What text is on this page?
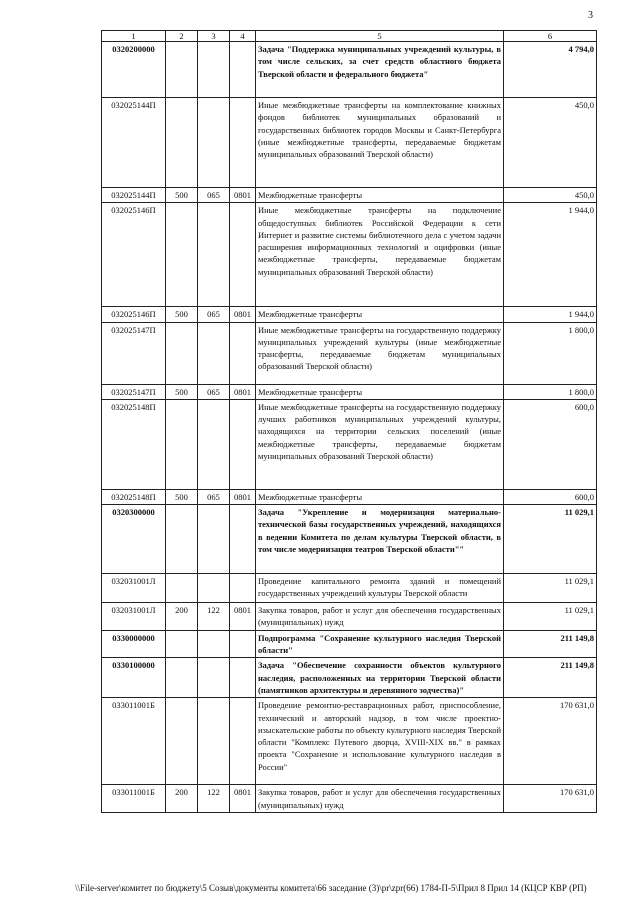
3
1	2	3	4	5	6
0320200000				Задача "Поддержка муниципальных учреждений культуры, в том числе сельских, за счет средств областного бюджета Тверской области и федерального бюджета"	4 794,0
032025144П				Иные межбюджетные трансферты на комплектование книжных фондов библиотек муниципальных образований и государственных библиотек городов Москвы и Санкт-Петербурга (иные межбюджетные трансферты, передаваемые бюджетам муниципальных образований Тверской области)	450,0
032025144П	500	065	0801	Межбюджетные трансферты	450,0
032025146П				Иные межбюджетные трансферты на подключение общедоступных библиотек Российской Федерации к сети Интернет и развитие системы библиотечного дела с учетом задачи расширения информационных технологий и оцифровки (иные межбюджетные трансферты, передаваемые бюджетам муниципальных образований Тверской области)	1 944,0
032025146П	500	065	0801	Межбюджетные трансферты	1 944,0
032025147П				Иные межбюджетные трансферты на государственную поддержку муниципальных учреждений культуры (иные межбюджетные трансферты, передаваемые бюджетам муниципальных образований Тверской области)	1 800,0
032025147П	500	065	0801	Межбюджетные трансферты	1 800,0
032025148П				Иные межбюджетные трансферты на государственную поддержку лучших работников муниципальных учреждений культуры, находящихся на территории сельских поселений (иные межбюджетные трансферты, передаваемые бюджетам муниципальных образований Тверской области)	600,0
032025148П	500	065	0801	Межбюджетные трансферты	600,0
0320300000				Задача "Укрепление и модернизация материально-технической базы государственных учреждений, находящихся в ведении Комитета по делам культуры Тверской области, в том числе модернизация театров Тверской области""	11 029,1
032031001Л				Проведение капитального ремонта зданий и помещений государственных учреждений культуры Тверской области	11 029,1
032031001Л	200	122	0801	Закупка товаров, работ и услуг для обеспечения государственных (муниципальных) нужд	11 029,1
0330000000				Подпрограмма "Сохранение культурного наследия Тверской области"	211 149,8
0330100000				Задача "Обеспечение сохранности объектов культурного наследия, расположенных на территории Тверской области (памятников архитектуры и деревянного зодчества)"	211 149,8
033011001Б				Проведение ремонтно-реставрационных работ, приспособление, технический и авторский надзор, в том числе проектно-изыскательские работы по объекту культурного наследия Тверской области "Комплекс Путевого дворца, XVIII-XIX вв." в рамках проекта "Сохранение и использование культурного наследия в России"	170 631,0
033011001Б	200	122	0801	Закупка товаров, работ и услуг для обеспечения государственных (муниципальных) нужд	170 631,0
\\File-server\комитет по бюджету\5 Созыв\документы комитета\66 заседание (3)\pr\zpr(66) 1784-П-5\Прил 8 Прил 14 (КЦСР КВР (РП)
